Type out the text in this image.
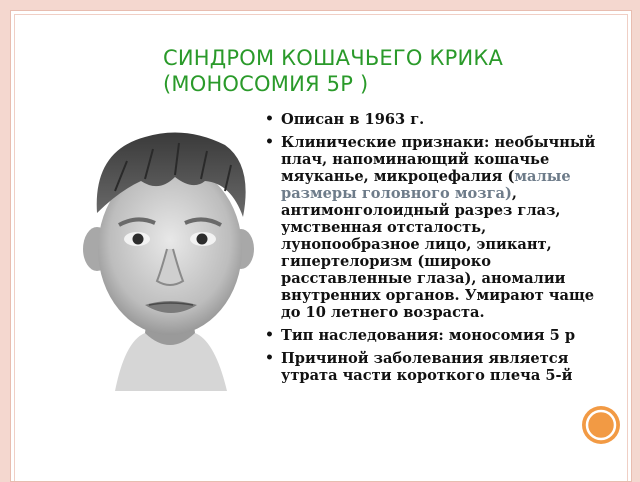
СИНДРОМ КОШАЧЬЕГО КРИКА
(МОНОСОМИЯ 5Р )
• Описан в 1963 г.
• Клинические признаки: необычный плач, напоминающий кошачье мяуканье, микроцефалия (малые размеры головного мозга), антимонголоидный разрез глаз, умственная отсталость, лунопообразное лицо, эпикант, гипертелоризм (широко расставленные глаза), аномалии внутренних органов. Умирают чаще до 10 летнего возраста.
• Тип наследования: моносомия 5 р
• Причиной заболевания является утрата части короткого плеча 5-й
